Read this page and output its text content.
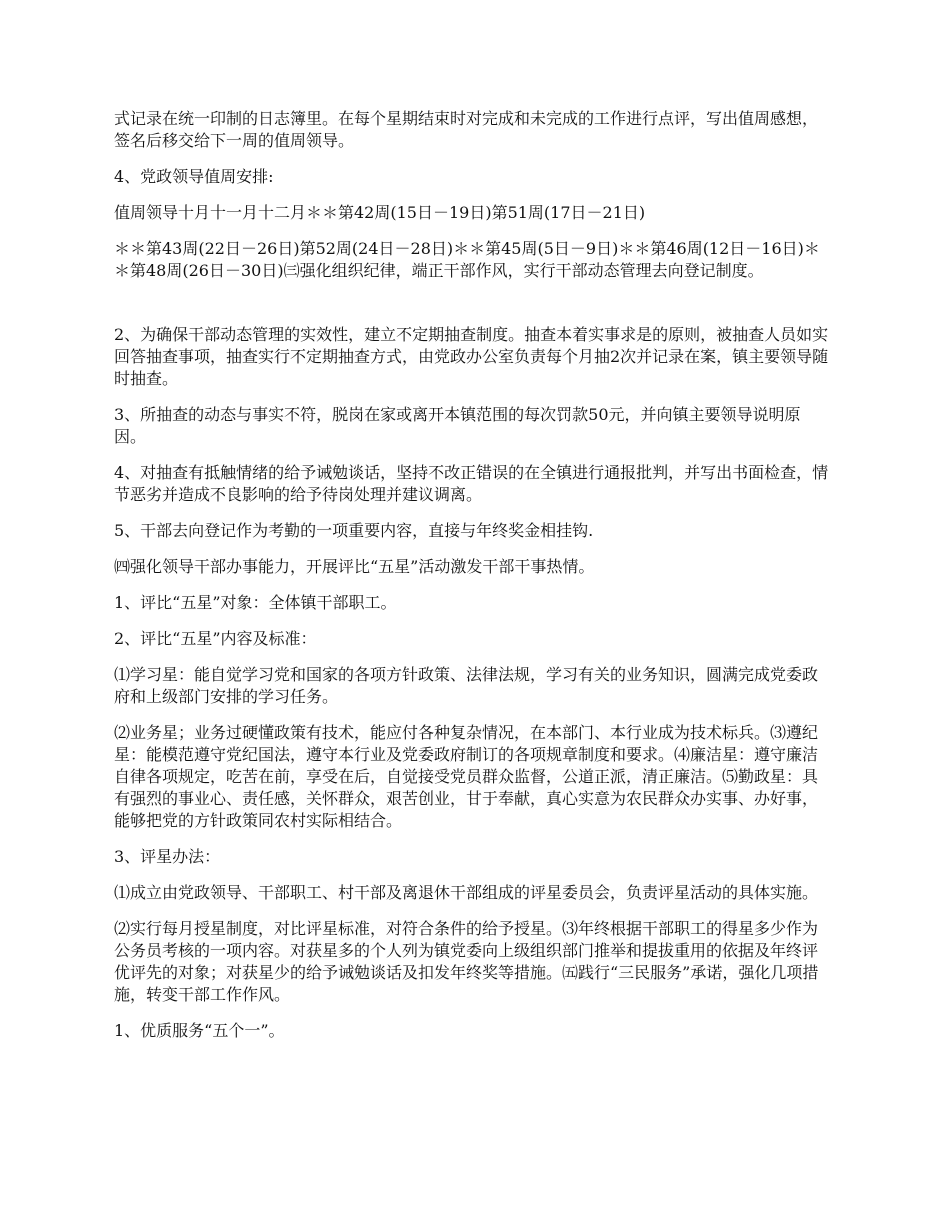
式记录在统一印制的日志簿里。在每个星期结束时对完成和未完成的工作进行点评，写出值周感想，签名后移交给下一周的值周领导。

4、党政领导值周安排:

值周领导十月十一月十二月＊＊第42周(15日－19日)第51周(17日－21日)

＊＊第43周(22日－26日)第52周(24日－28日)＊＊第45周(5日－9日)＊＊第46周(12日－16日)＊＊第48周(26日－30日)㈢强化组织纪律，端正干部作风，实行干部动态管理去向登记制度。

2、为确保干部动态管理的实效性，建立不定期抽查制度。抽查本着实事求是的原则，被抽查人员如实回答抽查事项，抽查实行不定期抽查方式，由党政办公室负责每个月抽2次并记录在案，镇主要领导随时抽查。

3、所抽查的动态与事实不符，脱岗在家或离开本镇范围的每次罚款50元，并向镇主要领导说明原因。

4、对抽查有抵触情绪的给予诫勉谈话，坚持不改正错误的在全镇进行通报批判，并写出书面检查，情节恶劣并造成不良影响的给予待岗处理并建议调离。

5、干部去向登记作为考勤的一项重要内容，直接与年终奖金相挂钩.

㈣强化领导干部办事能力，开展评比“五星”活动激发干部干事热情。

1、评比“五星”对象：全体镇干部职工。

2、评比“五星”内容及标准：

⑴学习星：能自觉学习党和国家的各项方针政策、法律法规，学习有关的业务知识，圆满完成党委政府和上级部门安排的学习任务。

⑵业务星；业务过硬懂政策有技术，能应付各种复杂情况，在本部门、本行业成为技术标兵。⑶遵纪星：能模范遵守党纪国法，遵守本行业及党委政府制订的各项规章制度和要求。⑷廉洁星：遵守廉洁自律各项规定，吃苦在前，享受在后，自觉接受党员群众监督，公道正派，清正廉洁。⑸勤政星：具有强烈的事业心、责任感，关怀群众，艰苦创业，甘于奉献，真心实意为农民群众办实事、办好事，能够把党的方针政策同农村实际相结合。

3、评星办法：

⑴成立由党政领导、干部职工、村干部及离退休干部组成的评星委员会，负责评星活动的具体实施。

⑵实行每月授星制度，对比评星标准，对符合条件的给予授星。⑶年终根据干部职工的得星多少作为公务员考核的一项内容。对获星多的个人列为镇党委向上级组织部门推举和提拔重用的依据及年终评优评先的对象；对获星少的给予诫勉谈话及扣发年终奖等措施。㈤践行“三民服务”承诺，强化几项措施，转变干部工作作风。

1、优质服务“五个一”。
